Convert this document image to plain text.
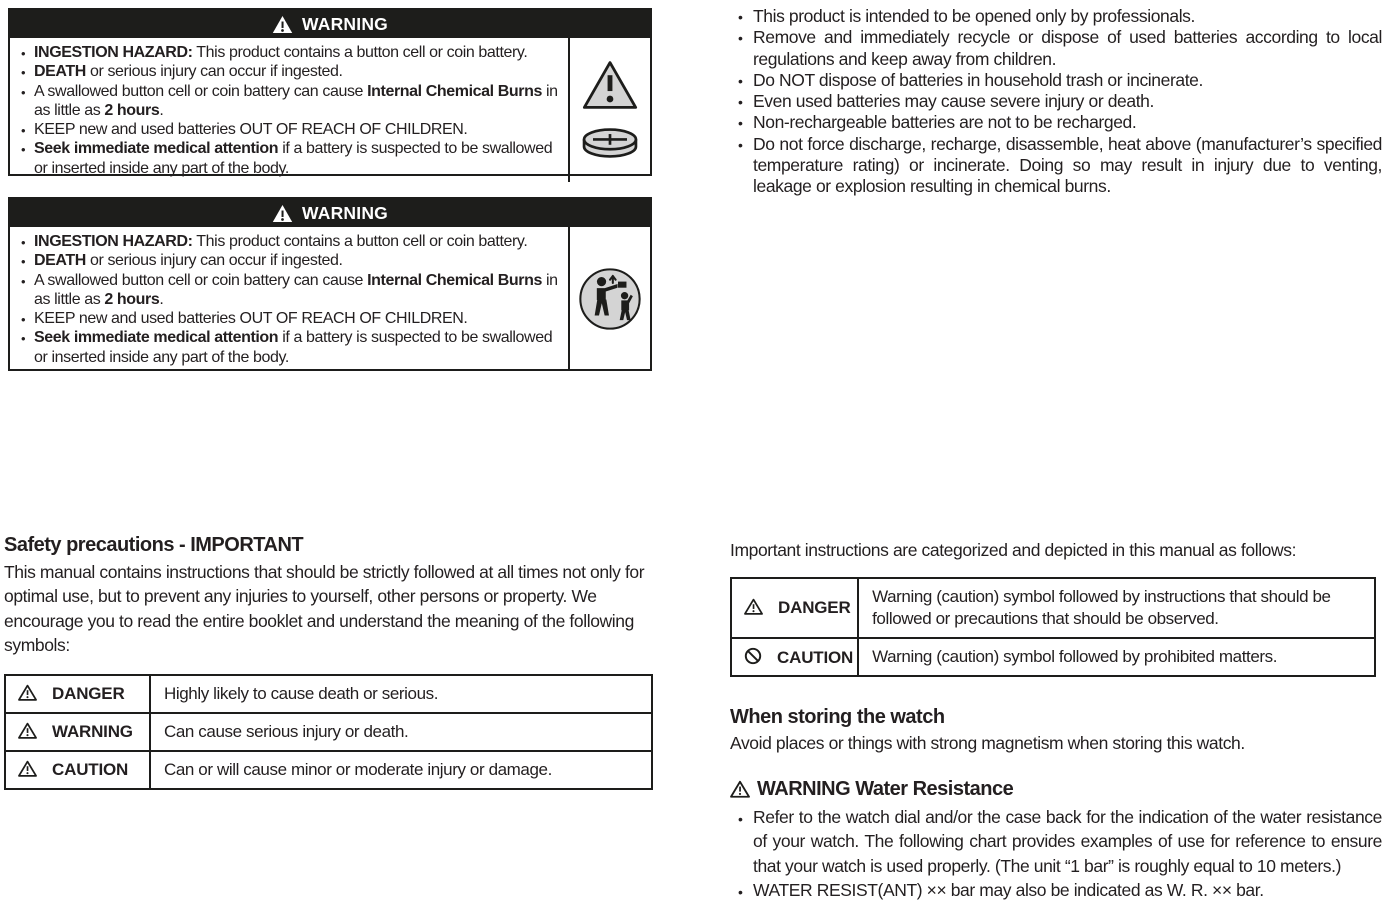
WARNING
• INGESTION HAZARD: This product contains a button cell or coin battery.
• DEATH or serious injury can occur if ingested.
• A swallowed button cell or coin battery can cause Internal Chemical Burns in as little as 2 hours.
• KEEP new and used batteries OUT OF REACH OF CHILDREN.
• Seek immediate medical attention if a battery is suspected to be swallowed or inserted inside any part of the body.
WARNING
• INGESTION HAZARD: This product contains a button cell or coin battery.
• DEATH or serious injury can occur if ingested.
• A swallowed button cell or coin battery can cause Internal Chemical Burns in as little as 2 hours.
• KEEP new and used batteries OUT OF REACH OF CHILDREN.
• Seek immediate medical attention if a battery is suspected to be swallowed or inserted inside any part of the body.
• This product is intended to be opened only by professionals.
• Remove and immediately recycle or dispose of used batteries according to local regulations and keep away from children.
• Do NOT dispose of batteries in household trash or incinerate.
• Even used batteries may cause severe injury or death.
• Non-rechargeable batteries are not to be recharged.
• Do not force discharge, recharge, disassemble, heat above (manufacturer’s specified temperature rating) or incinerate. Doing so may result in injury due to venting, leakage or explosion resulting in chemical burns.
Safety precautions - IMPORTANT

This manual contains instructions that should be strictly followed at all times not only for optimal use, but to prevent any injuries to yourself, other persons or property. We encourage you to read the entire booklet and understand the meaning of the following symbols:

DANGER	Highly likely to cause death or serious.
WARNING	Can cause serious injury or death.
CAUTION	Can or will cause minor or moderate injury or damage.

Important instructions are categorized and depicted in this manual as follows:

DANGER	Warning (caution) symbol followed by instructions that should be followed or precautions that should be observed.
CAUTION	Warning (caution) symbol followed by prohibited matters.
When storing the watch

Avoid places or things with strong magnetism when storing this watch.

WARNING Water Resistance
• Refer to the watch dial and/or the case back for the indication of the water resistance of your watch. The following chart provides examples of use for reference to ensure that your watch is used properly. (The unit “1 bar” is roughly equal to 10 meters.)
• WATER RESIST(ANT) ×× bar may also be indicated as W. R. ×× bar.
